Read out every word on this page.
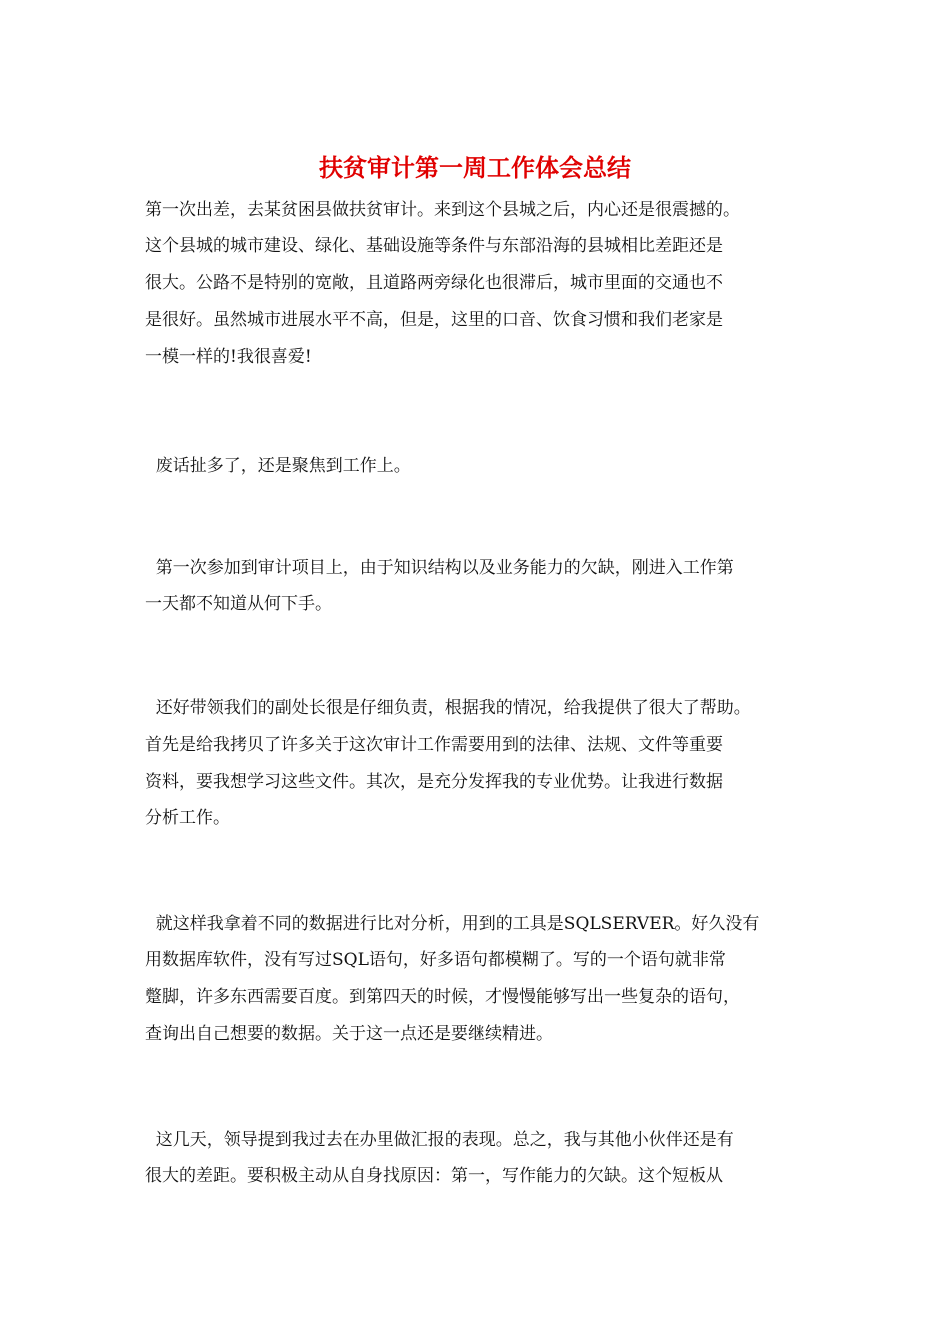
扶贫审计第一周工作体会总结
第一次出差，去某贫困县做扶贫审计。来到这个县城之后，内心还是很震撼的。
这个县城的城市建设、绿化、基础设施等条件与东部沿海的县城相比差距还是
很大。公路不是特别的宽敞，且道路两旁绿化也很滞后，城市里面的交通也不
是很好。虽然城市进展水平不高，但是，这里的口音、饮食习惯和我们老家是
一模一样的!我很喜爱!
废话扯多了，还是聚焦到工作上。
第一次参加到审计项目上，由于知识结构以及业务能力的欠缺，刚进入工作第
一天都不知道从何下手。
还好带领我们的副处长很是仔细负责，根据我的情况，给我提供了很大了帮助。
首先是给我拷贝了许多关于这次审计工作需要用到的法律、法规、文件等重要
资料，要我想学习这些文件。其次，是充分发挥我的专业优势。让我进行数据
分析工作。
就这样我拿着不同的数据进行比对分析，用到的工具是SQLSERVER。好久没有
用数据库软件，没有写过SQL语句，好多语句都模糊了。写的一个语句就非常
蹩脚，许多东西需要百度。到第四天的时候，才慢慢能够写出一些复杂的语句，
查询出自己想要的数据。关于这一点还是要继续精进。
这几天，领导提到我过去在办里做汇报的表现。总之，我与其他小伙伴还是有
很大的差距。要积极主动从自身找原因：第一，写作能力的欠缺。这个短板从
